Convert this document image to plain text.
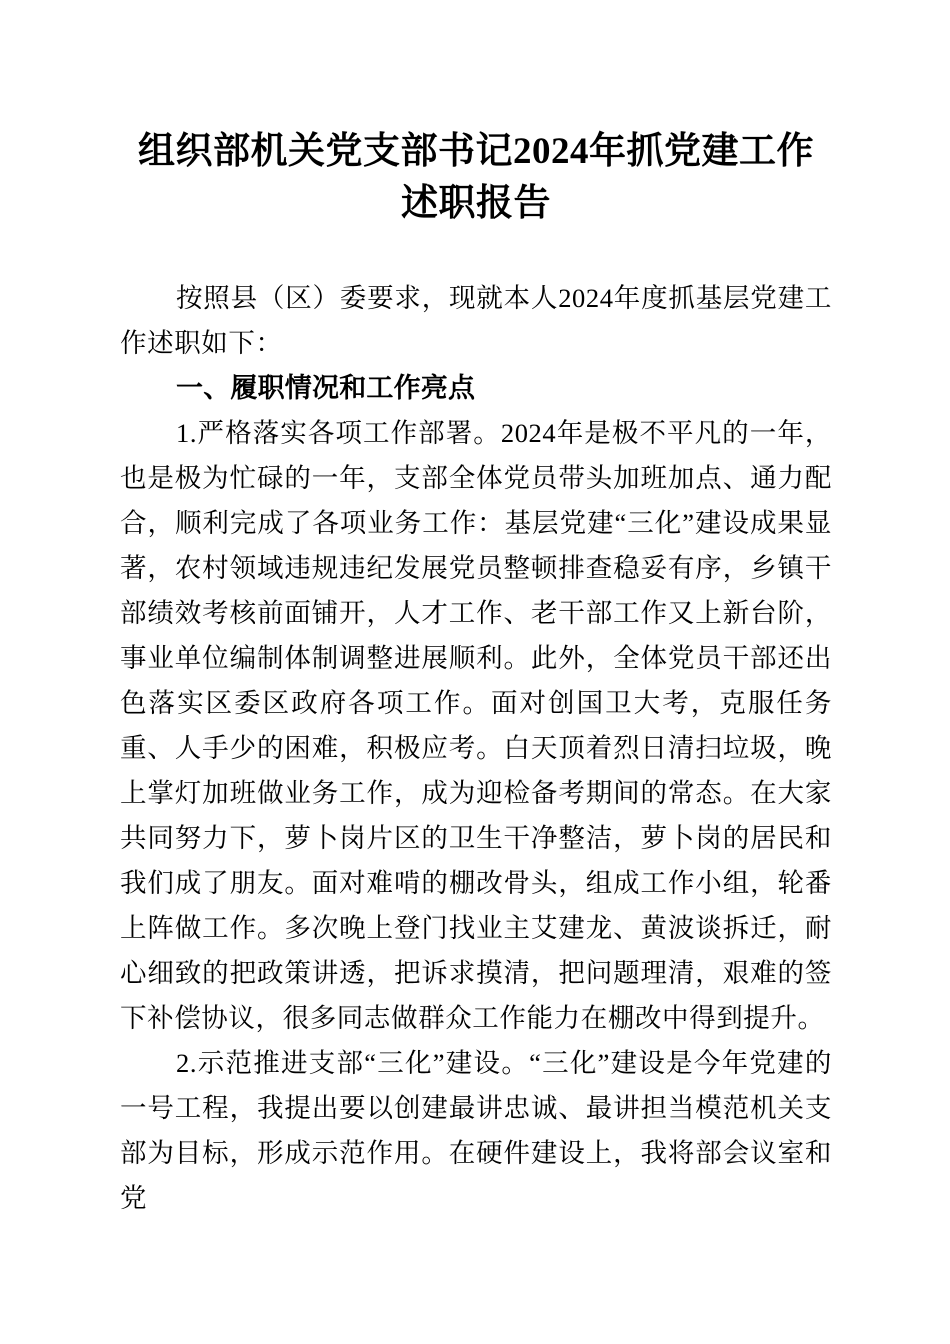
组织部机关党支部书记2024年抓党建工作述职报告

按照县（区）委要求，现就本人2024年度抓基层党建工作述职如下：

一、履职情况和工作亮点

1.严格落实各项工作部署。2024年是极不平凡的一年，也是极为忙碌的一年，支部全体党员带头加班加点、通力配合，顺利完成了各项业务工作：基层党建“三化”建设成果显著，农村领域违规违纪发展党员整顿排查稳妥有序，乡镇干部绩效考核前面铺开，人才工作、老干部工作又上新台阶，事业单位编制体制调整进展顺利。此外，全体党员干部还出色落实区委区政府各项工作。面对创国卫大考，克服任务重、人手少的困难，积极应考。白天顶着烈日清扫垃圾，晚上掌灯加班做业务工作，成为迎检备考期间的常态。在大家共同努力下，萝卜岗片区的卫生干净整洁，萝卜岗的居民和我们成了朋友。面对难啃的棚改骨头，组成工作小组，轮番上阵做工作。多次晚上登门找业主艾建龙、黄波谈拆迁，耐心细致的把政策讲透，把诉求摸清，把问题理清，艰难的签下补偿协议，很多同志做群众工作能力在棚改中得到提升。

2.示范推进支部“三化”建设。“三化”建设是今年党建的一号工程，我提出要以创建最讲忠诚、最讲担当模范机关支部为目标，形成示范作用。在硬件建设上，我将部会议室和党
